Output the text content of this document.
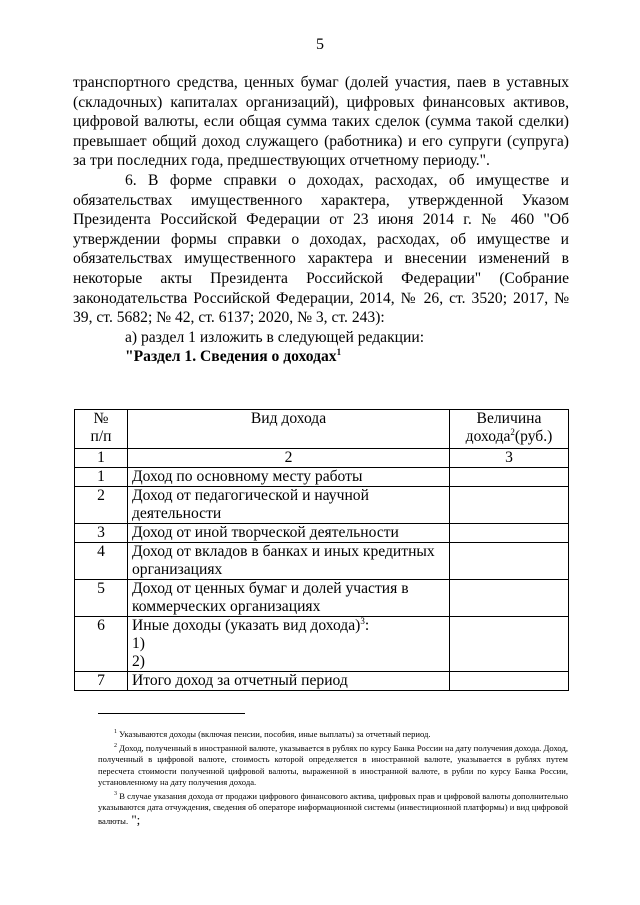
5

транспортного средства, ценных бумаг (долей участия, паев в уставных (складочных) капиталах организаций), цифровых финансовых активов, цифровой валюты, если общая сумма таких сделок (сумма такой сделки) превышает общий доход служащего (работника) и его супруги (супруга) за три последних года, предшествующих отчетному периоду.".

6. В форме справки о доходах, расходах, об имуществе и обязательствах имущественного характера, утвержденной Указом Президента Российской Федерации от 23 июня 2014 г. № 460 "Об утверждении формы справки о доходах, расходах, об имуществе и обязательствах имущественного характера и внесении изменений в некоторые акты Президента Российской Федерации" (Собрание законодательства Российской Федерации, 2014, № 26, ст. 3520; 2017, № 39, ст. 5682; № 42, ст. 6137; 2020, № 3, ст. 243):

а) раздел 1 изложить в следующей редакции:

"Раздел 1. Сведения о доходах$^1$

№
п/п	Вид дохода	Величина
дохода$^2$(руб.)
1	2	3
1	Доход по основному месту работы	
2	Доход от педагогической и научной деятельности	
3	Доход от иной творческой деятельности	
4	Доход от вкладов в банках и иных кредитных организациях	
5	Доход от ценных бумаг и долей участия в коммерческих организациях	
6	Иные доходы (указать вид дохода)$^3$:
1)
2)	
7	Итого доход за отчетный период	

$^1$ Указываются доходы (включая пенсии, пособия, иные выплаты) за отчетный период.

$^2$ Доход, полученный в иностранной валюте, указывается в рублях по курсу Банка России на дату получения дохода. Доход, полученный в цифровой валюте, стоимость которой определяется в иностранной валюте, указывается в рублях путем пересчета стоимости полученной цифровой валюты, выраженной в иностранной валюте, в рубли по курсу Банка России, установленному на дату получения дохода.

$^3$ В случае указания дохода от продажи цифрового финансового актива, цифровых прав и цифровой валюты дополнительно указываются дата отчуждения, сведения об операторе информационной системы (инвестиционной платформы) и вид цифровой валюты. ";
